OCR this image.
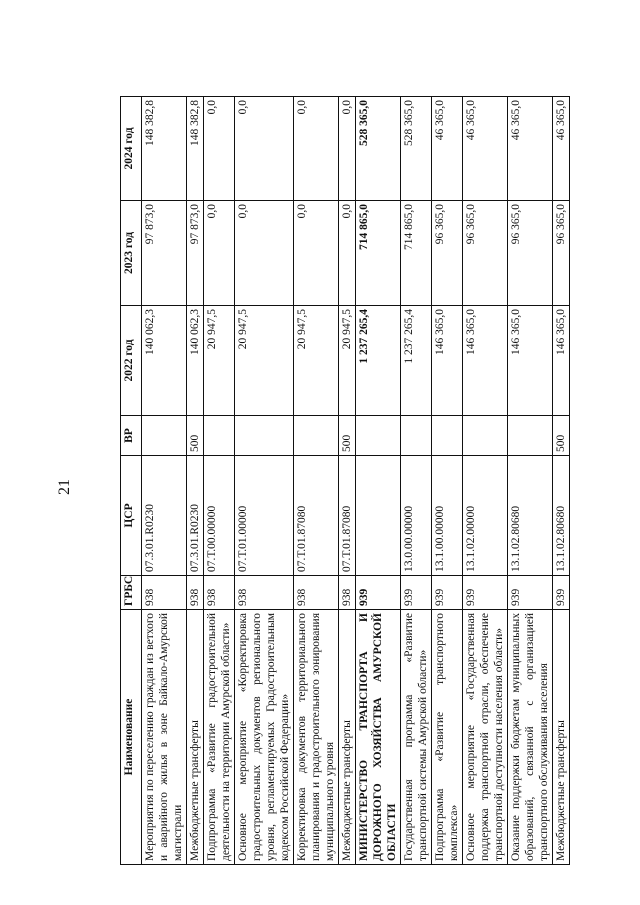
21
Наименование	ГРБС	ЦСР	ВР	2022 год	2023 год	2024 год
Мероприятия по переселению граждан из ветхого и аварийного жилья в зоне Байкало-Амурской магистрали	938	07.3.01.R0230		140 062,3	97 873,0	148 382,8
Межбюджетные трансферты	938	07.3.01.R0230	500	140 062,3	97 873,0	148 382,8
Подпрограмма «Развитие градостроительной деятельности на территории Амурской области»	938	07.Т.00.00000		20 947,5	0,0	0,0
Основное мероприятие «Корректировка градостроительных документов регионального уровня, регламентируемых Градостроительным кодексом Российской Федерации»	938	07.Т.01.00000		20 947,5	0,0	0,0
Корректировка документов территориального планирования и градостроительного зонирования муниципального уровня	938	07.Т.01.87080		20 947,5	0,0	0,0
Межбюджетные трансферты	938	07.Т.01.87080	500	20 947,5	0,0	0,0
МИНИСТЕРСТВО ТРАНСПОРТА И ДОРОЖНОГО ХОЗЯЙСТВА АМУРСКОЙ ОБЛАСТИ	939			1 237 265,4	714 865,0	528 365,0
Государственная программа «Развитие транспортной системы Амурской области»	939	13.0.00.00000		1 237 265,4	714 865,0	528 365,0
Подпрограмма «Развитие транспортного комплекса»	939	13.1.00.00000		146 365,0	96 365,0	46 365,0
Основное мероприятие «Государственная поддержка транспортной отрасли, обеспечение транспортной доступности населения области»	939	13.1.02.00000		146 365,0	96 365,0	46 365,0
Оказание поддержки бюджетам муниципальных образований, связанной с организацией транспортного обслуживания населения	939	13.1.02.80680		146 365,0	96 365,0	46 365,0
Межбюджетные трансферты	939	13.1.02.80680	500	146 365,0	96 365,0	46 365,0
